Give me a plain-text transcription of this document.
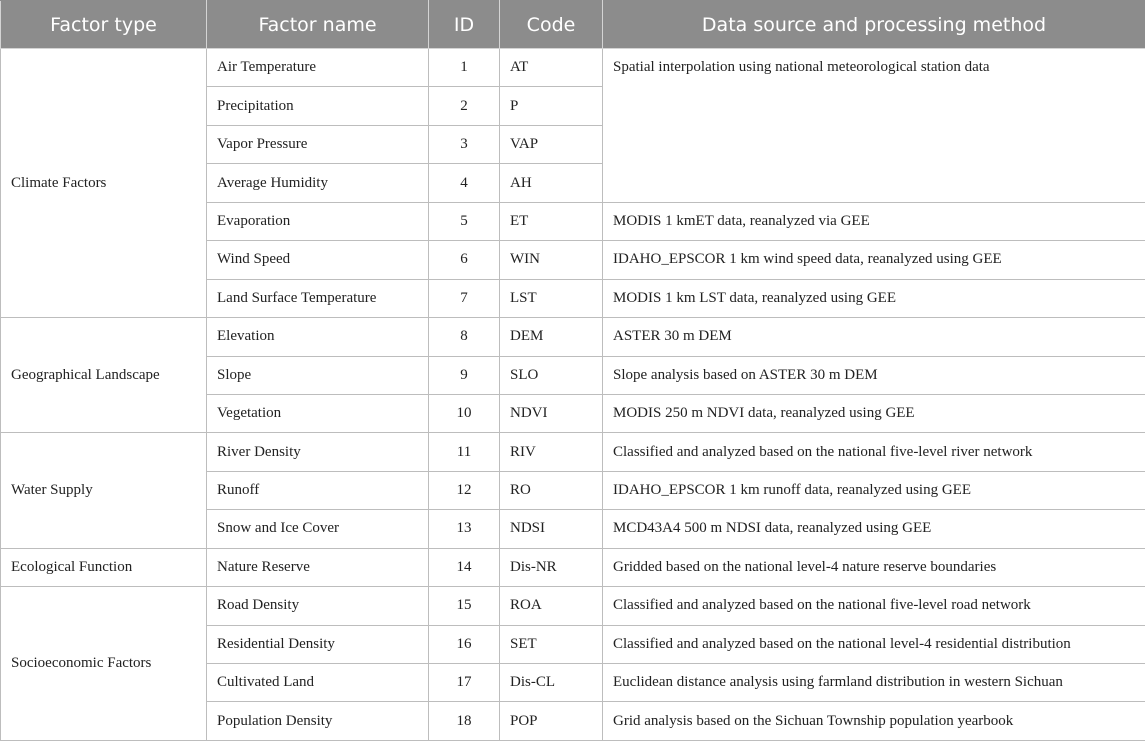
Factor type	Factor name	ID	Code	Data source and processing method
Climate Factors	Air Temperature	1	AT	Spatial interpolation using national meteorological station data
	Precipitation	2	P	
	Vapor Pressure	3	VAP	
	Average Humidity	4	AH	
	Evaporation	5	ET	MODIS 1 kmET data, reanalyzed via GEE
	Wind Speed	6	WIN	IDAHO_EPSCOR 1 km wind speed data, reanalyzed using GEE
	Land Surface Temperature	7	LST	MODIS 1 km LST data, reanalyzed using GEE
Geographical Landscape	Elevation	8	DEM	ASTER 30 m DEM
	Slope	9	SLO	Slope analysis based on ASTER 30 m DEM
	Vegetation	10	NDVI	MODIS 250 m NDVI data, reanalyzed using GEE
Water Supply	River Density	11	RIV	Classified and analyzed based on the national five-level river network
	Runoff	12	RO	IDAHO_EPSCOR 1 km runoff data, reanalyzed using GEE
	Snow and Ice Cover	13	NDSI	MCD43A4 500 m NDSI data, reanalyzed using GEE
Ecological Function	Nature Reserve	14	Dis-NR	Gridded based on the national level-4 nature reserve boundaries
Socioeconomic Factors	Road Density	15	ROA	Classified and analyzed based on the national five-level road network
	Residential Density	16	SET	Classified and analyzed based on the national level-4 residential distribution
	Cultivated Land	17	Dis-CL	Euclidean distance analysis using farmland distribution in western Sichuan
	Population Density	18	POP	Grid analysis based on the Sichuan Township population yearbook
